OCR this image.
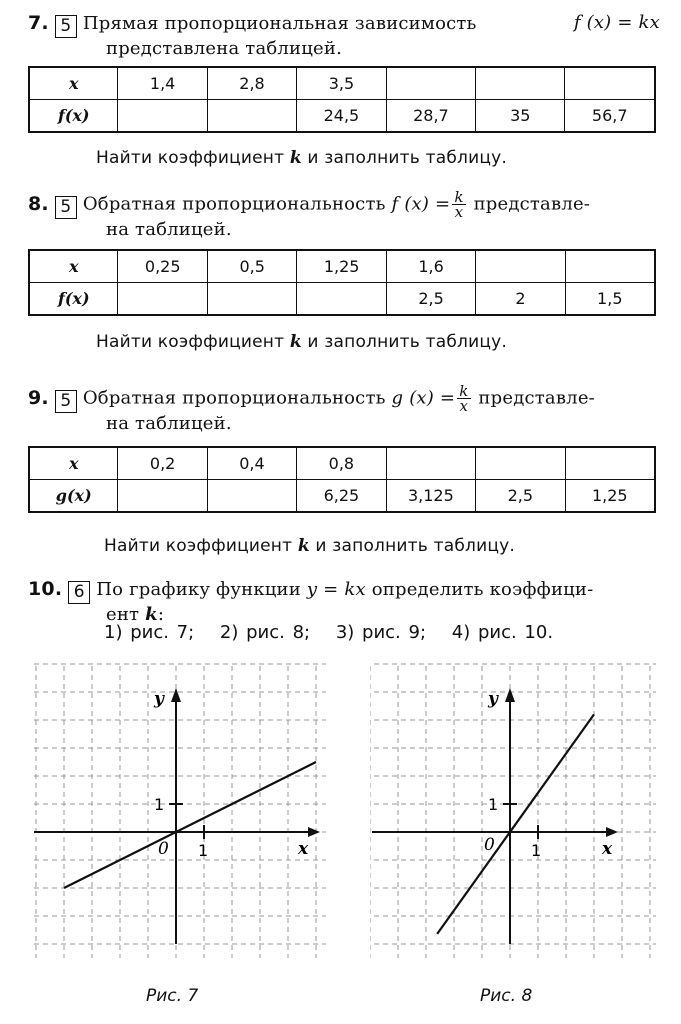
7. 5 Прямая пропорциональная зависимость	f (x) = kx

представлена таблицей.
x	1,4	2,8	3,5			
f(x)			24,5	28,7	35	56,7
Найти коэффициент k и заполнить таблицу.
8. 5 Обратная пропорциональность f $(x) = \frac{k}{x}$ представле-
на таблицей.
x	0,25	0,5	1,25	1,6		
f(x)				2,5	2	1,5
Найти коэффициент k и заполнить таблицу.
9. 5 Обратная пропорциональность g $(x) = \frac{k}{x}$ представле-
на таблицей.
x	0,2	0,4	0,8			
g(x)			6,25	3,125	2,5	1,25
Найти коэффициент k и заполнить таблицу.
10. 6 По графику функции y = kx определить коэффици-
ент k:
1) рис. 7; 2) рис. 8; 3) рис. 9; 4) рис. 10.
y
x
0 1
1
Рис. 7
y
x
0 1
1
Рис. 8
